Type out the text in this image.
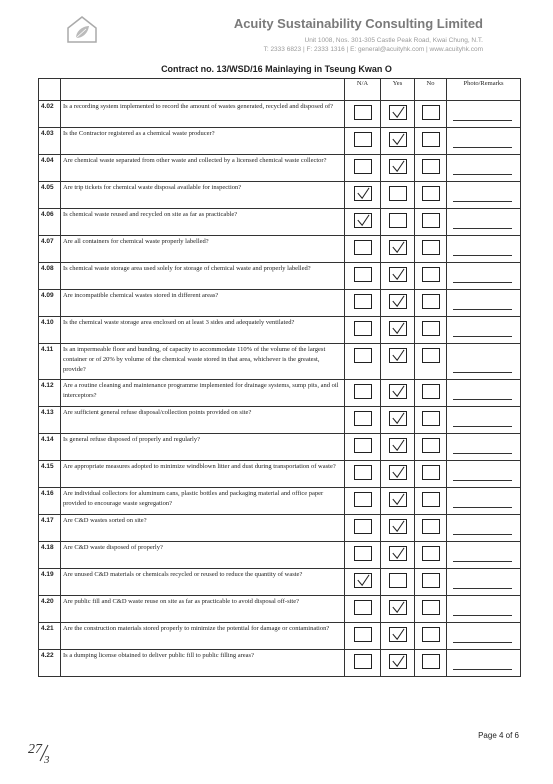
Acuity Sustainability Consulting Limited
Unit 1008, Nos. 301-305 Castle Peak Road, Kwai Chung, N.T.
T: 2333 6823 | F: 2333 1316 | E: general@acuityhk.com | www.acuityhk.com
Contract no. 13/WSD/16 Mainlaying in Tseung Kwan O
		N/A	Yes	No	Photo/Remarks
4.02	Is a recording system implemented to record the amount of wastes generated, recycled and disposed of?	

4.03	Is the Contractor registered as a chemical waste producer?	

4.04	Are chemical waste separated from other waste and collected by a licensed chemical waste collector?	

4.05	Are trip tickets for chemical waste disposal available for inspection?	

4.06	Is chemical waste reused and recycled on site as far as practicable?	

4.07	Are all containers for chemical waste properly labelled?	

4.08	Is chemical waste storage area used solely for storage of chemical waste and properly labelled?	

4.09	Are incompatible chemical wastes stored in different areas?	

4.10	Is the chemical waste storage area enclosed on at least 3 sides and adequately ventilated?	

4.11	Is an impermeable floor and bunding, of capacity to accommodate 110% of the volume of the largest container or of 20% by volume of the chemical waste stored in that area, whichever is the greatest, provide?	

4.12	Are a routine cleaning and maintenance programme implemented for drainage systems, sump pits, and oil interceptors?	

4.13	Are sufficient general refuse disposal/collection points provided on site?	

4.14	Is general refuse disposed of properly and regularly?	

4.15	Are appropriate measures adopted to minimize windblown litter and dust during transportation of waste?	

4.16	Are individual collectors for aluminum cans, plastic bottles and packaging material and office paper provided to encourage waste segregation?	

4.17	Are C&D wastes sorted on site?	

4.18	Are C&D waste disposed of properly?	

4.19	Are unused C&D materials or chemicals recycled or reused to reduce the quantity of waste?	

4.20	Are public fill and C&D waste reuse on site as far as practicable to avoid disposal off-site?	

4.21	Are the construction materials stored properly to minimize the potential for damage or contamination?	

4.22	Is a dumping license obtained to deliver public fill to public filling areas?	

Page 4 of 6
27
3
